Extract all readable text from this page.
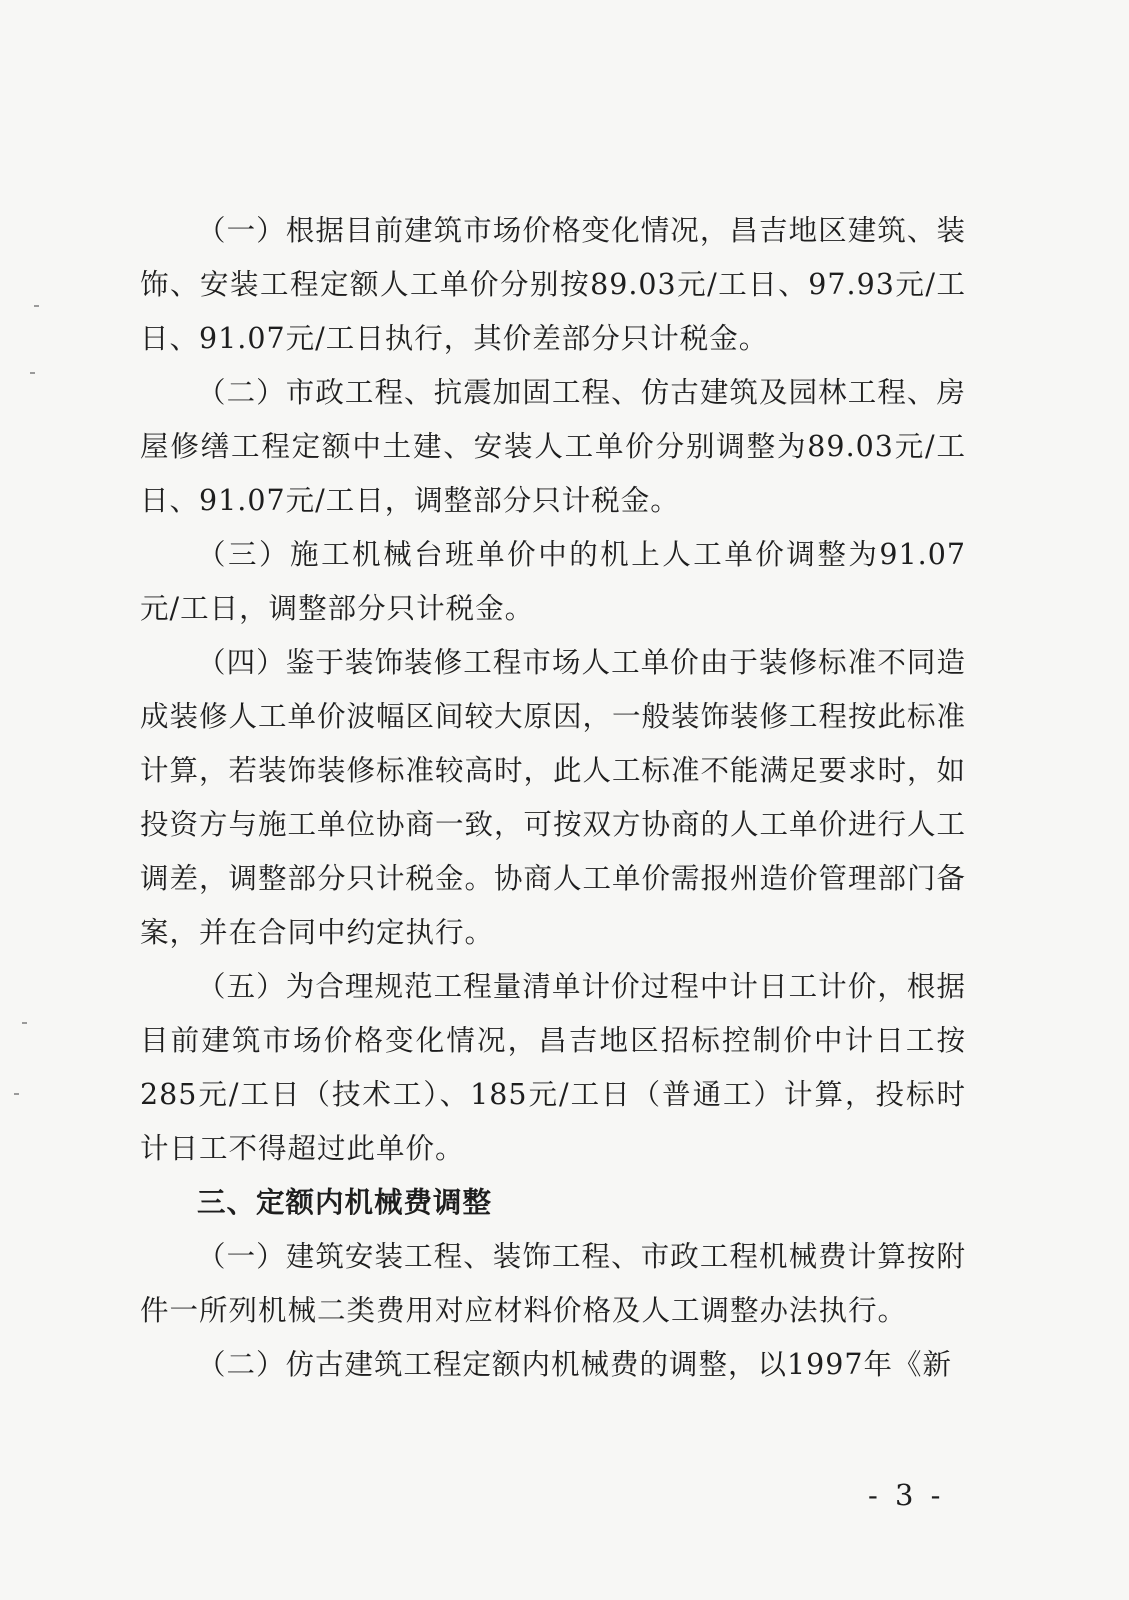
（一）根据目前建筑市场价格变化情况，昌吉地区建筑、装饰、安装工程定额人工单价分别按89.03元/工日、97.93元/工日、91.07元/工日执行，其价差部分只计税金。

（二）市政工程、抗震加固工程、仿古建筑及园林工程、房屋修缮工程定额中土建、安装人工单价分别调整为89.03元/工日、91.07元/工日，调整部分只计税金。

（三）施工机械台班单价中的机上人工单价调整为91.07元/工日，调整部分只计税金。

（四）鉴于装饰装修工程市场人工单价由于装修标准不同造成装修人工单价波幅区间较大原因，一般装饰装修工程按此标准计算，若装饰装修标准较高时，此人工标准不能满足要求时，如投资方与施工单位协商一致，可按双方协商的人工单价进行人工调差，调整部分只计税金。协商人工单价需报州造价管理部门备案，并在合同中约定执行。

（五）为合理规范工程量清单计价过程中计日工计价，根据目前建筑市场价格变化情况，昌吉地区招标控制价中计日工按285元/工日（技术工）、185元/工日（普通工）计算，投标时计日工不得超过此单价。

三、定额内机械费调整

（一）建筑安装工程、装饰工程、市政工程机械费计算按附件一所列机械二类费用对应材料价格及人工调整办法执行。

（二）仿古建筑工程定额内机械费的调整，以1997年《新

- 3 -
